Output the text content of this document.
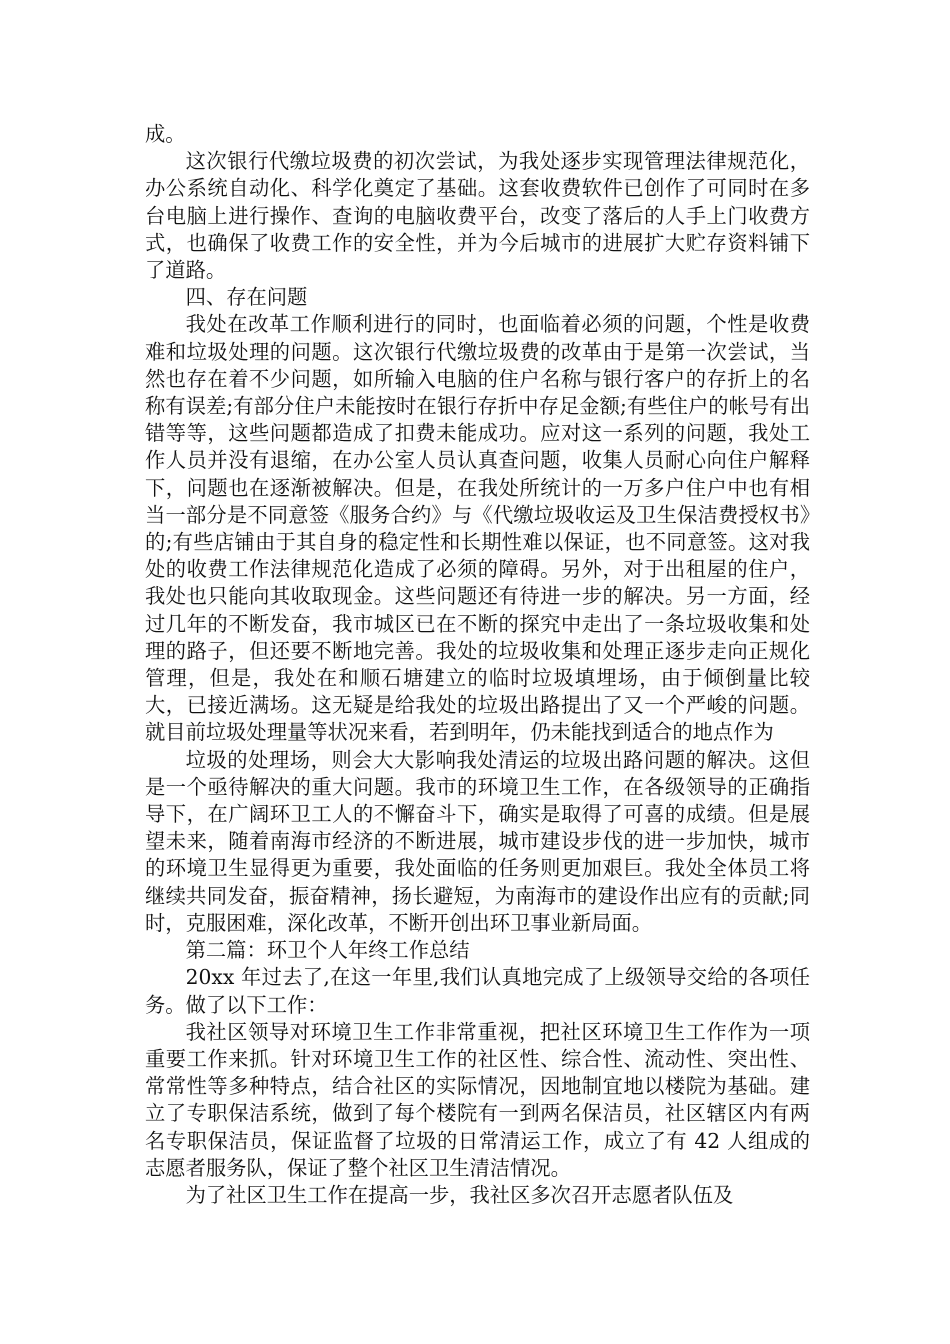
成。

这次银行代缴垃圾费的初次尝试，为我处逐步实现管理法律规范化，办公系统自动化、科学化奠定了基础。这套收费软件已创作了可同时在多台电脑上进行操作、查询的电脑收费平台，改变了落后的人手上门收费方式，也确保了收费工作的安全性，并为今后城市的进展扩大贮存资料铺下了道路。

四、存在问题

我处在改革工作顺利进行的同时，也面临着必须的问题，个性是收费难和垃圾处理的问题。这次银行代缴垃圾费的改革由于是第一次尝试，当然也存在着不少问题，如所输入电脑的住户名称与银行客户的存折上的名称有误差;有部分住户未能按时在银行存折中存足金额;有些住户的帐号有出错等等，这些问题都造成了扣费未能成功。应对这一系列的问题，我处工作人员并没有退缩，在办公室人员认真查问题，收集人员耐心向住户解释下，问题也在逐渐被解决。但是，在我处所统计的一万多户住户中也有相当一部分是不同意签《服务合约》与《代缴垃圾收运及卫生保洁费授权书》的;有些店铺由于其自身的稳定性和长期性难以保证，也不同意签。这对我处的收费工作法律规范化造成了必须的障碍。另外，对于出租屋的住户，我处也只能向其收取现金。这些问题还有待进一步的解决。另一方面，经过几年的不断发奋，我市城区已在不断的探究中走出了一条垃圾收集和处理的路子，但还要不断地完善。我处的垃圾收集和处理正逐步走向正规化管理，但是，我处在和顺石塘建立的临时垃圾填埋场，由于倾倒量比较大，已接近满场。这无疑是给我处的垃圾出路提出了又一个严峻的问题。就目前垃圾处理量等状况来看，若到明年，仍未能找到适合的地点作为

垃圾的处理场，则会大大影响我处清运的垃圾出路问题的解决。这但是一个亟待解决的重大问题。我市的环境卫生工作，在各级领导的正确指导下，在广阔环卫工人的不懈奋斗下，确实是取得了可喜的成绩。但是展望未来，随着南海市经济的不断进展，城市建设步伐的进一步加快，城市的环境卫生显得更为重要，我处面临的任务则更加艰巨。我处全体员工将继续共同发奋，振奋精神，扬长避短，为南海市的建设作出应有的贡献;同时，克服困难，深化改革，不断开创出环卫事业新局面。

第二篇：环卫个人年终工作总结

20xx 年过去了,在这一年里,我们认真地完成了上级领导交给的各项任务。做了以下工作：

我社区领导对环境卫生工作非常重视，把社区环境卫生工作作为一项重要工作来抓。针对环境卫生工作的社区性、综合性、流动性、突出性、常常性等多种特点，结合社区的实际情况，因地制宜地以楼院为基础。建立了专职保洁系统，做到了每个楼院有一到两名保洁员，社区辖区内有两名专职保洁员，保证监督了垃圾的日常清运工作，成立了有 42 人组成的志愿者服务队，保证了整个社区卫生清洁情况。

为了社区卫生工作在提高一步，我社区多次召开志愿者队伍及
